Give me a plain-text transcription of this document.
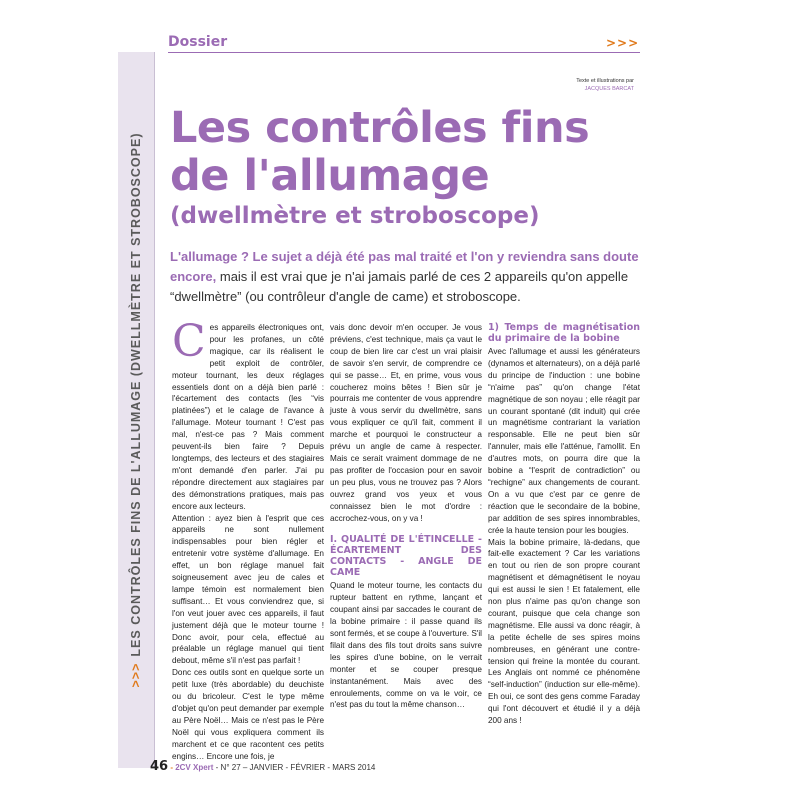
>>>LES CONTRÔLES FINS DE L'ALLUMAGE (DWELLMÈTRE ET STROBOSCOPE)
Dossier	>>>
Texte et illustrations par
JACQUES BARCAT
Les contrôles fins de l'allumage
(dwellmètre et stroboscope)
L'allumage ? Le sujet a déjà été pas mal traité et l'on y reviendra sans doute encore, mais il est vrai que je n'ai jamais parlé de ces 2 appareils qu'on appelle “dwellmètre” (ou contrôleur d'angle de came) et stroboscope.

Ces appareils électroniques ont, pour les profanes, un côté magique, car ils réalisent le petit exploit de contrôler, moteur tournant, les deux réglages essentiels dont on a déjà bien parlé : l'écartement des contacts (les “vis platinées”) et le calage de l'avance à l'allumage. Moteur tournant ! C'est pas mal, n'est-ce pas ? Mais comment peuvent-ils bien faire ? Depuis longtemps, des lecteurs et des stagiaires m'ont demandé d'en parler. J'ai pu répondre directement aux stagiaires par des démonstrations pratiques, mais pas encore aux lecteurs.

Attention : ayez bien à l'esprit que ces appareils ne sont nullement indispensables pour bien régler et entretenir votre système d'allumage. En effet, un bon réglage manuel fait soigneusement avec jeu de cales et lampe témoin est normalement bien suffisant… Et vous conviendrez que, si l'on veut jouer avec ces appareils, il faut justement déjà que le moteur tourne ! Donc avoir, pour cela, effectué au préalable un réglage manuel qui tient debout, même s'il n'est pas parfait !

Donc ces outils sont en quelque sorte un petit luxe (très abordable) du deuchiste ou du bricoleur. C'est le type même d'objet qu'on peut demander par exemple au Père Noël… Mais ce n'est pas le Père Noël qui vous expliquera comment ils marchent et ce que racontent ces petits engins… Encore une fois, je

vais donc devoir m'en occuper. Je vous préviens, c'est technique, mais ça vaut le coup de bien lire car c'est un vrai plaisir de savoir s'en servir, de comprendre ce qui se passe… Et, en prime, vous vous coucherez moins bêtes ! Bien sûr je pourrais me contenter de vous apprendre juste à vous servir du dwellmètre, sans vous expliquer ce qu'il fait, comment il marche et pourquoi le constructeur a prévu un angle de came à respecter. Mais ce serait vraiment dommage de ne pas profiter de l'occasion pour en savoir un peu plus, vous ne trouvez pas ? Alors ouvrez grand vos yeux et vous connaissez bien le mot d'ordre : accrochez-vous, on y va !

I. QUALITÉ DE L'ÉTINCELLE - ÉCARTEMENT DES CONTACTS - ANGLE DE CAME

Quand le moteur tourne, les contacts du rupteur battent en rythme, lançant et coupant ainsi par saccades le courant de la bobine primaire : il passe quand ils sont fermés, et se coupe à l'ouverture. S'il filait dans des fils tout droits sans suivre les spires d'une bobine, on le verrait monter et se couper presque instantanément. Mais avec des enroulements, comme on va le voir, ce n'est pas du tout la même chanson…

1) Temps de magnétisation du primaire de la bobine

Avec l'allumage et aussi les générateurs (dynamos et alternateurs), on a déjà parlé du principe de l'induction : une bobine “n'aime pas” qu'on change l'état magnétique de son noyau ; elle réagit par un courant spontané (dit induit) qui crée un magnétisme contrariant la variation responsable. Elle ne peut bien sûr l'annuler, mais elle l'atténue, l'amollit. En d'autres mots, on pourra dire que la bobine a “l'esprit de contradiction” ou “rechigne” aux changements de courant. On a vu que c'est par ce genre de réaction que le secondaire de la bobine, par addition de ses spires innombrables, crée la haute tension pour les bougies.

Mais la bobine primaire, là-dedans, que fait-elle exactement ? Car les variations en tout ou rien de son propre courant magnétisent et démagnétisent le noyau qui est aussi le sien ! Et fatalement, elle non plus n'aime pas qu'on change son courant, puisque que cela change son magnétisme. Elle aussi va donc réagir, à la petite échelle de ses spires moins nombreuses, en générant une contre-tension qui freine la montée du courant. Les Anglais ont nommé ce phénomène “self-induction” (induction sur elle-même). Eh oui, ce sont des gens comme Faraday qui l'ont découvert et étudié il y a déjà 200 ans !

46 - 2CV Xpert - N° 27 – JANVIER - FÉVRIER - MARS 2014
